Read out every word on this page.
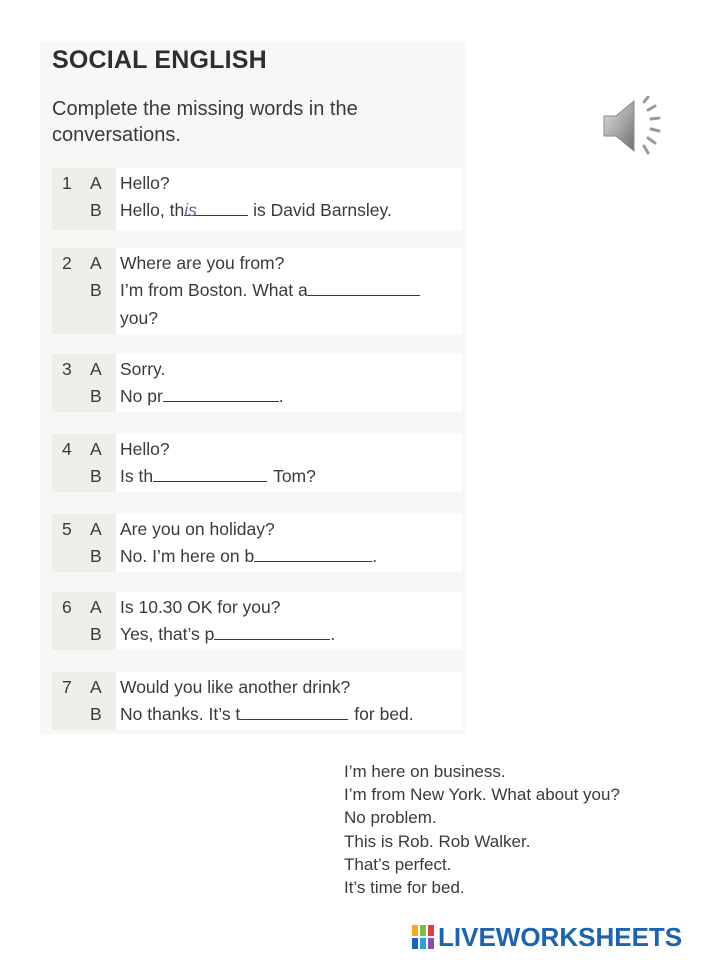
SOCIAL ENGLISH
Complete the missing words in the conversations.
1 A Hello?
B Hello, this	is David Barnsley.
2 A Where are you from?
B I’m from Boston. What a
you?
3 A Sorry.
B No pr	.
4 A Hello?
B Is th	Tom?
5 A Are you on holiday?
B No. I’m here on b	.
6 A Is 10.30 OK for you?
B Yes, that’s p	.
7 A Would you like another drink?
B No thanks. It’s t	for bed.
I’m here on business.
I’m from New York. What about you?
No problem.
This is Rob. Rob Walker.
That’s perfect.
It’s time for bed.
LIVEWORKSHEETS
